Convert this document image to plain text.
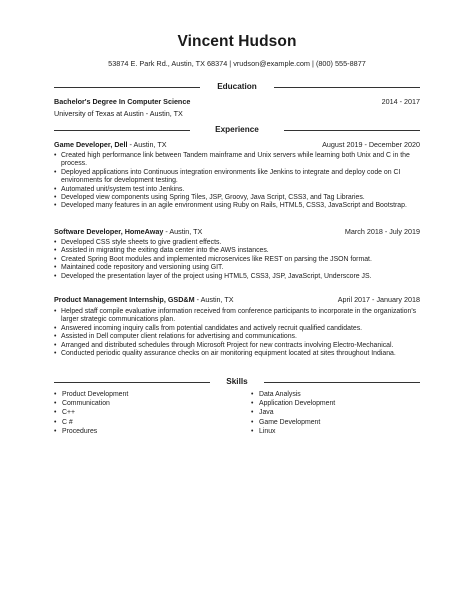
Vincent Hudson
53874 E. Park Rd., Austin, TX 68374 | vrudson@example.com | (800) 555-8877
Education
Bachelor's Degree In Computer Science	2014 - 2017
University of Texas at Austin - Austin, TX
Experience
Game Developer, Dell - Austin, TX	August 2019 - December 2020
• Created high performance link between Tandem mainframe and Unix servers while learning both Unix and C in the process.
• Deployed applications into Continuous integration environments like Jenkins to integrate and deploy code on CI environments for development testing.
• Automated unit/system test into Jenkins.
• Developed view components using Spring Tiles, JSP, Groovy, Java Script, CSS3, and Tag Libraries.
• Developed many features in an agile environment using Ruby on Rails, HTML5, CSS3, JavaScript and Bootstrap.
Software Developer, HomeAway - Austin, TX	March 2018 - July 2019
• Developed CSS style sheets to give gradient effects.
• Assisted in migrating the exiting data center into the AWS instances.
• Created Spring Boot modules and implemented microservices like REST on parsing the JSON format.
• Maintained code repository and versioning using GIT.
• Developed the presentation layer of the project using HTML5, CSS3, JSP, JavaScript, Underscore JS.
Product Management Internship, GSD&M - Austin, TX	April 2017 - January 2018
• Helped staff compile evaluative information received from conference participants to incorporate in the organization's larger strategic communications plan.
• Answered incoming inquiry calls from potential candidates and actively recruit qualified candidates.
• Assisted in Dell computer client relations for advertising and communications.
• Arranged and distributed schedules through Microsoft Project for new contracts involving Electro-Mechanical.
• Conducted periodic quality assurance checks on air monitoring equipment located at sites throughout Indiana.
Skills
• Product Development
• Communication
• C++
• C #
• Procedures
• Data Analysis
• Application Development
• Java
• Game Development
• Linux
